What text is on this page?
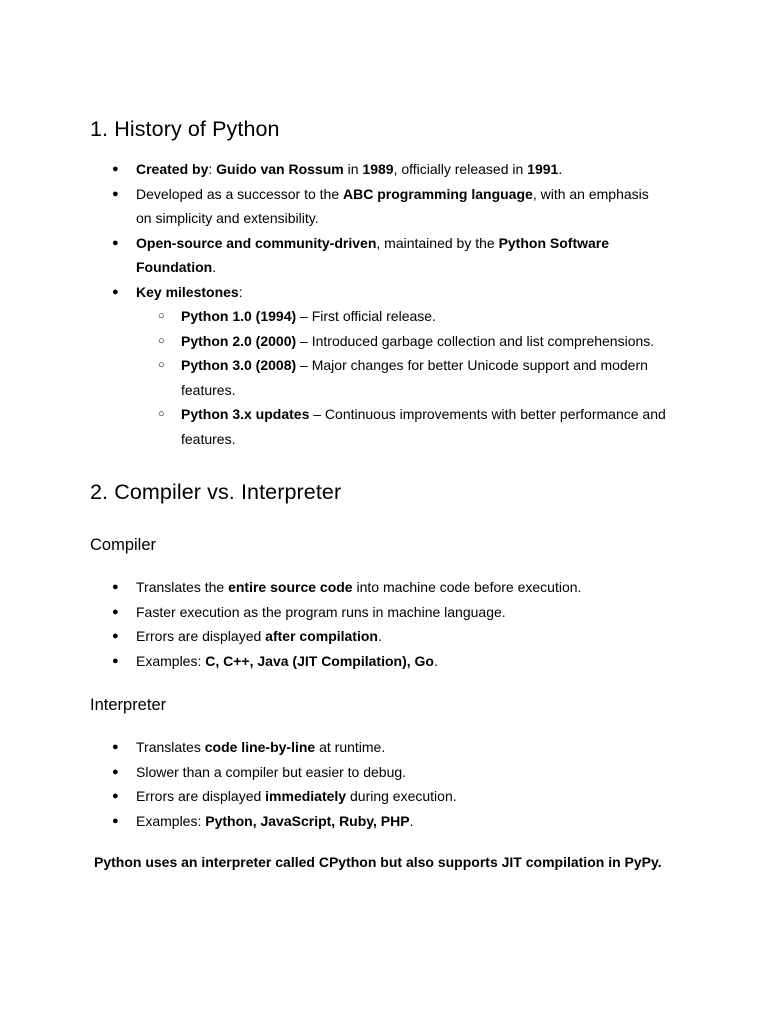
1. History of Python
● Created by: Guido van Rossum in 1989, officially released in 1991.
● Developed as a successor to the ABC programming language, with an emphasis on simplicity and extensibility.
● Open-source and community-driven, maintained by the Python Software Foundation.
● Key milestones:
○ Python 1.0 (1994) – First official release.
○ Python 2.0 (2000) – Introduced garbage collection and list comprehensions.
○ Python 3.0 (2008) – Major changes for better Unicode support and modern features.
○ Python 3.x updates – Continuous improvements with better performance and features.
2. Compiler vs. Interpreter
Compiler
● Translates the entire source code into machine code before execution.
● Faster execution as the program runs in machine language.
● Errors are displayed after compilation.
● Examples: C, C++, Java (JIT Compilation), Go.
Interpreter
● Translates code line-by-line at runtime.
● Slower than a compiler but easier to debug.
● Errors are displayed immediately during execution.
● Examples: Python, JavaScript, Ruby, PHP.

Python uses an interpreter called CPython but also supports JIT compilation in PyPy.
